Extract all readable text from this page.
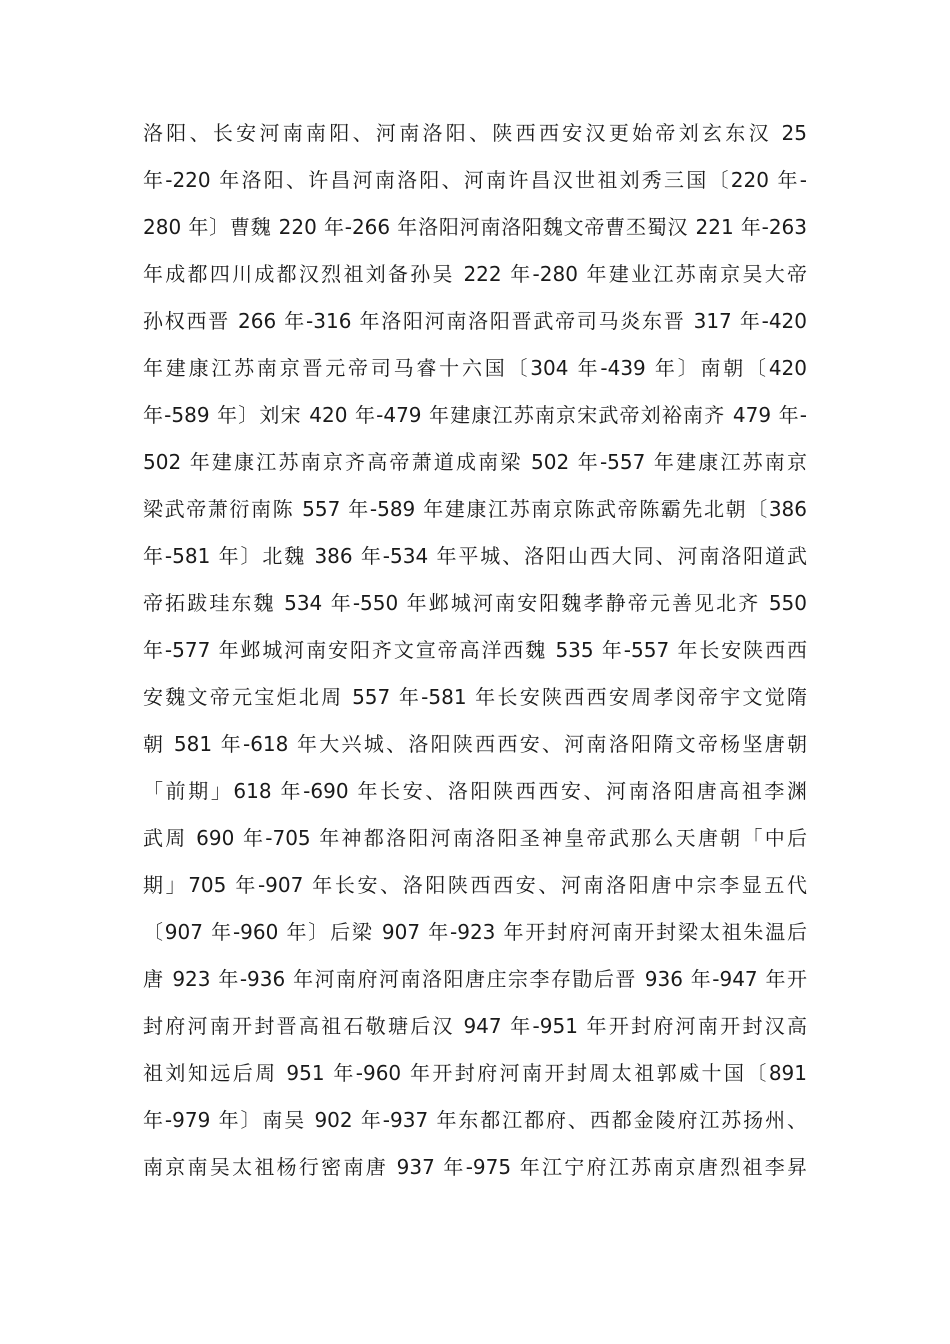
洛阳、长安河南南阳、河南洛阳、陕西西安汉更始帝刘玄东汉 25
年-220 年洛阳、许昌河南洛阳、河南许昌汉世祖刘秀三国〔220 年-
280 年〕曹魏 220 年-266 年洛阳河南洛阳魏文帝曹丕蜀汉 221 年-263
年成都四川成都汉烈祖刘备孙吴 222 年-280 年建业江苏南京吴大帝
孙权西晋 266 年-316 年洛阳河南洛阳晋武帝司马炎东晋 317 年-420
年建康江苏南京晋元帝司马睿十六国〔304 年-439 年〕南朝〔420
年-589 年〕刘宋 420 年-479 年建康江苏南京宋武帝刘裕南齐 479 年-
502 年建康江苏南京齐高帝萧道成南梁 502 年-557 年建康江苏南京
梁武帝萧衍南陈 557 年-589 年建康江苏南京陈武帝陈霸先北朝〔386
年-581 年〕北魏 386 年-534 年平城、洛阳山西大同、河南洛阳道武
帝拓跋珪东魏 534 年-550 年邺城河南安阳魏孝静帝元善见北齐 550
年-577 年邺城河南安阳齐文宣帝高洋西魏 535 年-557 年长安陕西西
安魏文帝元宝炬北周 557 年-581 年长安陕西西安周孝闵帝宇文觉隋
朝 581 年-618 年大兴城、洛阳陕西西安、河南洛阳隋文帝杨坚唐朝
「前期」618 年-690 年长安、洛阳陕西西安、河南洛阳唐高祖李渊
武周 690 年-705 年神都洛阳河南洛阳圣神皇帝武那么天唐朝「中后
期」705 年-907 年长安、洛阳陕西西安、河南洛阳唐中宗李显五代
〔907 年-960 年〕后梁 907 年-923 年开封府河南开封梁太祖朱温后
唐 923 年-936 年河南府河南洛阳唐庄宗李存勖后晋 936 年-947 年开
封府河南开封晋高祖石敬瑭后汉 947 年-951 年开封府河南开封汉高
祖刘知远后周 951 年-960 年开封府河南开封周太祖郭威十国〔891
年-979 年〕南吴 902 年-937 年东都江都府、西都金陵府江苏扬州、
南京南吴太祖杨行密南唐 937 年-975 年江宁府江苏南京唐烈祖李昇
